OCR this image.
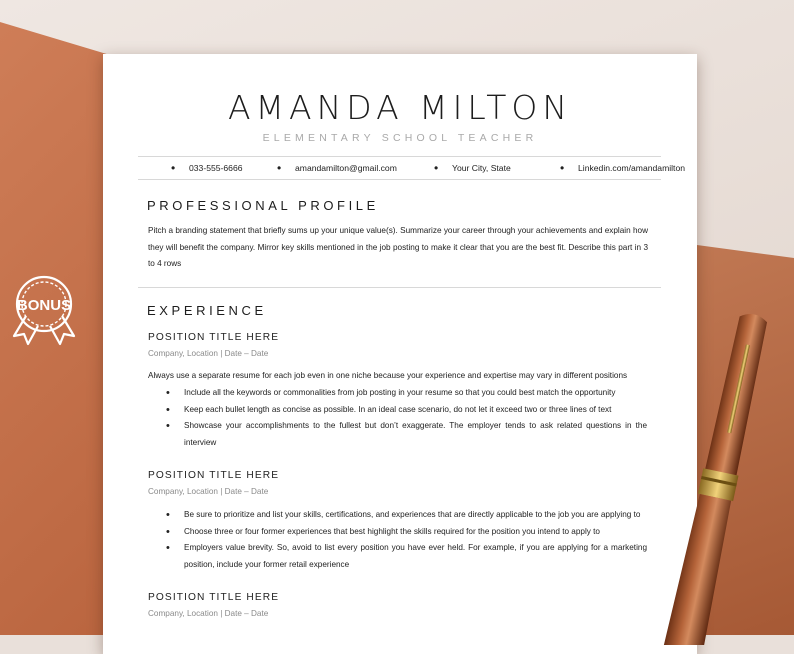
BONUS
AMANDA MILTON
ELEMENTARY SCHOOL TEACHER
• 033-555-6666	• amandamilton@gmail.com	• Your City, State	• Linkedin.com/amandamilton
PROFESSIONAL PROFILE
Pitch a branding statement that briefly sums up your unique value(s). Summarize your career through your achievements and explain how they will benefit the company. Mirror key skills mentioned in the job posting to make it clear that you are the best fit. Describe this part in 3 to 4 rows
EXPERIENCE
POSITION TITLE HERE
Company, Location | Date – Date
Always use a separate resume for each job even in one niche because your experience and expertise may vary in different positions
• Include all the keywords or commonalities from job posting in your resume so that you could best match the opportunity
• Keep each bullet length as concise as possible. In an ideal case scenario, do not let it exceed two or three lines of text
• Showcase your accomplishments to the fullest but don’t exaggerate. The employer tends to ask related questions in the interview
POSITION TITLE HERE
Company, Location | Date – Date
• Be sure to prioritize and list your skills, certifications, and experiences that are directly applicable to the job you are applying to
• Choose three or four former experiences that best highlight the skills required for the position you intend to apply to
• Employers value brevity. So, avoid to list every position you have ever held. For example, if you are applying for a marketing position, include your former retail experience
POSITION TITLE HERE
Company, Location | Date – Date
